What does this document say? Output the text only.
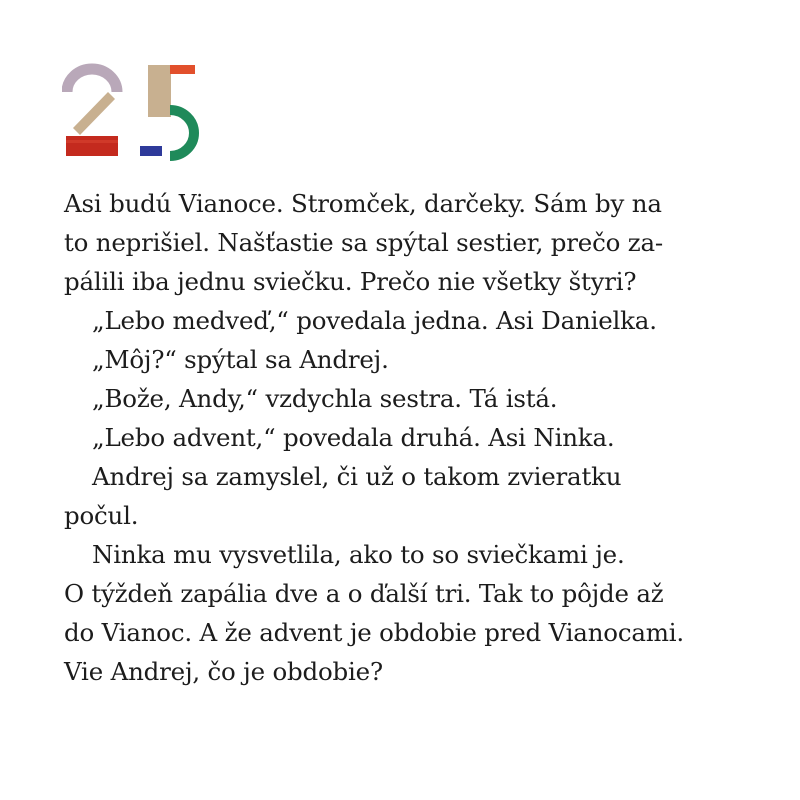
Asi budú Vianoce. Stromček, darčeky. Sám by na
to neprišiel. Našťastie sa spýtal sestier, prečo za-
pálili iba jednu sviečku. Prečo nie všetky štyri?
„Lebo medveď,“ povedala jedna. Asi Danielka.
„Môj?“ spýtal sa Andrej.
„Bože, Andy,“ vzdychla sestra. Tá istá.
„Lebo advent,“ povedala druhá. Asi Ninka.
Andrej sa zamyslel, či už o takom zvieratku
počul.
Ninka mu vysvetlila, ako to so sviečkami je.
O týždeň zapália dve a o ďalší tri. Tak to pôjde až
do Vianoc. A že advent je obdobie pred Vianocami.
Vie Andrej, čo je obdobie?
